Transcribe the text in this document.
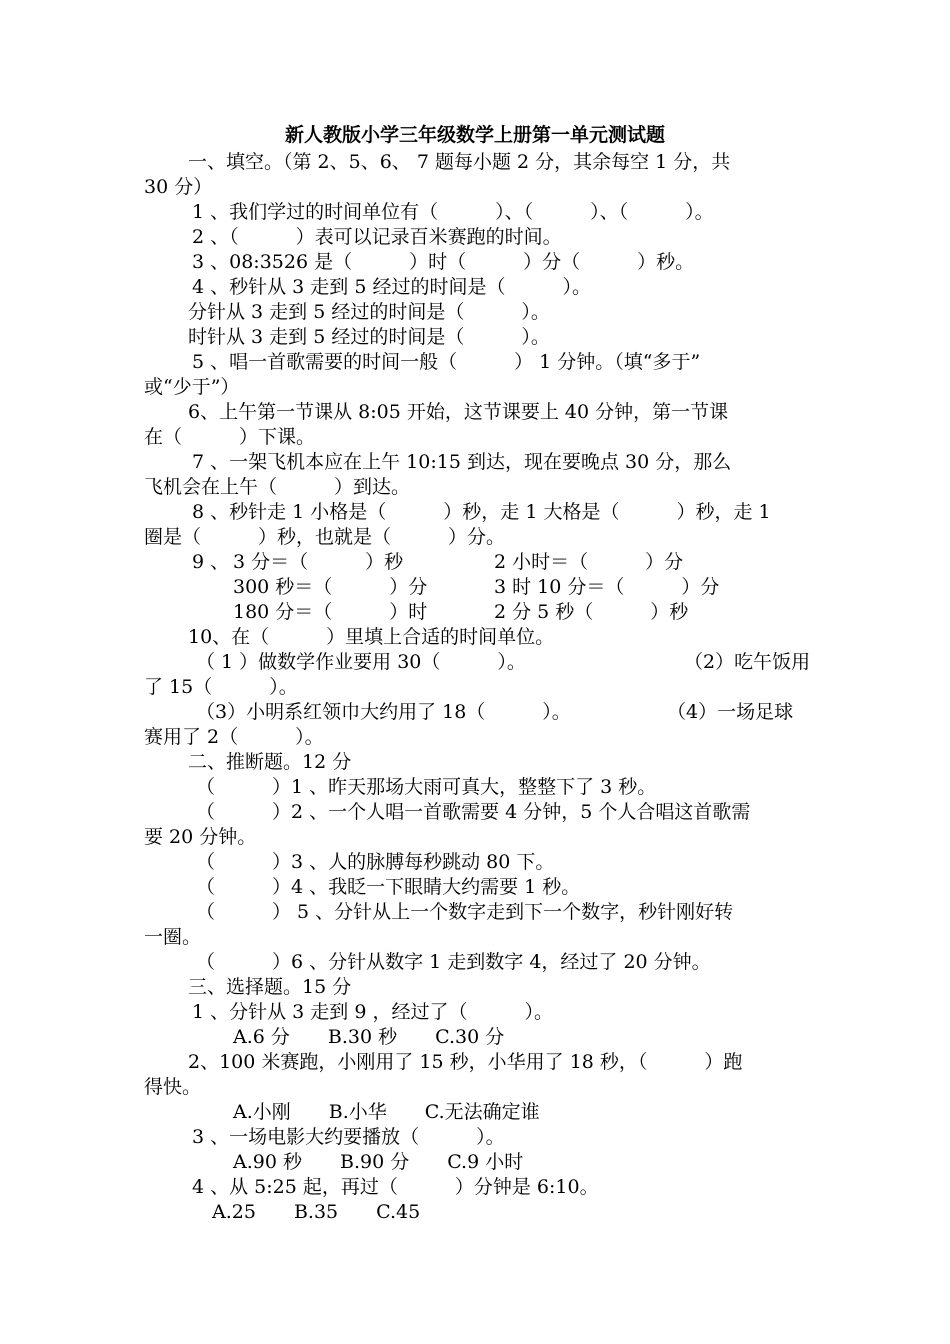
新人教版小学三年级数学上册第一单元测试题
一、填空。（第 2、5、6、 7 题每小题 2 分，其余每空 1 分，共
30 分）
1 、我们学过的时间单位有（　　　）、（　　　）、（　　　）。
2 、（　　　）表可以记录百米赛跑的时间。
3 、08:3526 是（　　　）时（　　　）分（　　　）秒。
4 、秒针从 3 走到 5 经过的时间是（　　　）。
分针从 3 走到 5 经过的时间是（　　　）。
时针从 3 走到 5 经过的时间是（　　　）。
5 、唱一首歌需要的时间一般（　　　） 1 分钟。（填“多于”
或“少于”）
6、上午第一节课从 8:05 开始，这节课要上 40 分钟，第一节课
在（　　　）下课。
7 、一架飞机本应在上午 10:15 到达，现在要晚点 30 分，那么
飞机会在上午（　　　）到达。
8 、秒针走 1 小格是（　　　）秒，走 1 大格是（　　　）秒，走 1
圈是（　　　）秒，也就是（　　　）分。
9 、 3 分＝（　　　）秒	2 小时＝（　　　）分
300 秒＝（　　　）分	3 时 10 分＝（　　　）分
180 分＝（　　　）时	2 分 5 秒（　　　）秒
10、在（　　　）里填上合适的时间单位。
（ 1 ）做数学作业要用 30（　　　）。	（2）吃午饭用
了 15（　　　）。
（3）小明系红领巾大约用了 18（　　　）。	（4）一场足球
赛用了 2（　　　）。
二、推断题。12 分
（　　　）1 、昨天那场大雨可真大，整整下了 3 秒。
（　　　）2 、一个人唱一首歌需要 4 分钟，5 个人合唱这首歌需
要 20 分钟。
（　　　）3 、人的脉膊每秒跳动 80 下。
（　　　）4 、我眨一下眼睛大约需要 1 秒。
（　　　） 5 、分针从上一个数字走到下一个数字，秒针刚好转
一圈。
（　　　）6 、分针从数字 1 走到数字 4，经过了 20 分钟。
三、选择题。15 分
1 、分针从 3 走到 9 ，经过了（　　　）。
A.6 分　　B.30 秒　　C.30 分
2、100 米赛跑，小刚用了 15 秒，小华用了 18 秒，（　　　）跑
得快。
A.小刚　　B.小华　　C.无法确定谁
3 、一场电影大约要播放（　　　）。
A.90 秒　　B.90 分　　C.9 小时
4 、从 5:25 起，再过（　　　）分钟是 6:10。
A.25　　B.35　　C.45
